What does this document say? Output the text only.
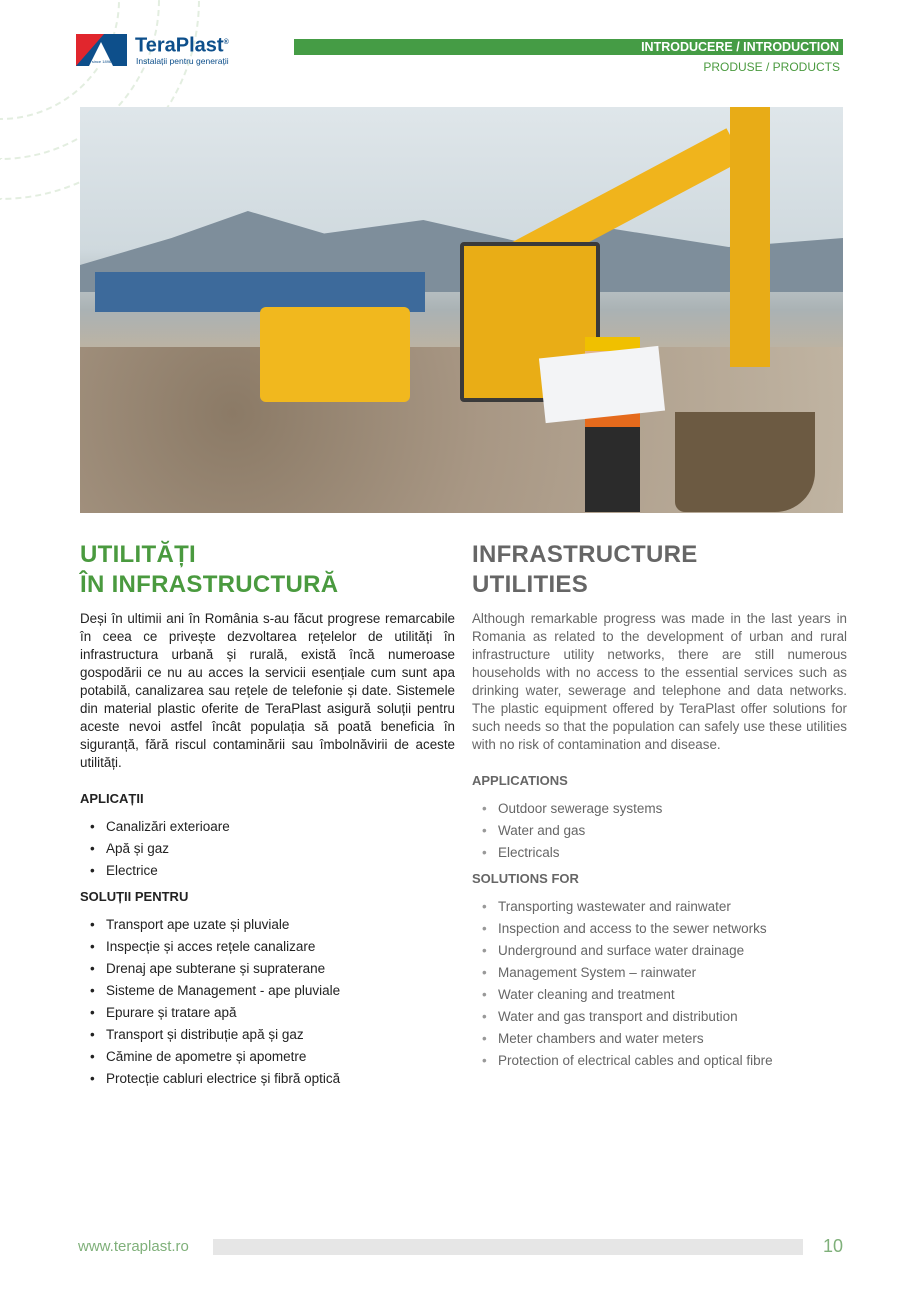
since 1896
TeraPlast®
Instalații pentru generații
INTRODUCERE / INTRODUCTION
PRODUSE / PRODUCTS
UTILITĂȚI
ÎN INFRASTRUCTURĂ

Deși în ultimii ani în România s-au făcut progrese remarcabile în ceea ce privește dezvoltarea rețelelor de utilități în infrastructura urbană și rurală, există încă numeroase gospodării ce nu au acces la servicii esențiale cum sunt apa potabilă, canalizarea sau rețele de telefonie și date. Sistemele din material plastic oferite de TeraPlast asigură soluții pentru aceste nevoi astfel încât populația să poată beneficia în siguranță, fără riscul contaminării sau îmbolnăvirii de aceste utilități.

APLICAȚII
• Canalizări exterioare
• Apă și gaz
• Electrice
SOLUȚII PENTRU
• Transport ape uzate și pluviale
• Inspecție și acces rețele canalizare
• Drenaj ape subterane și supraterane
• Sisteme de Management - ape pluviale
• Epurare și tratare apă
• Transport și distribuție apă și gaz
• Cămine de apometre și apometre
• Protecție cabluri electrice și fibră optică
INFRASTRUCTURE
UTILITIES

Although remarkable progress was made in the last years in Romania as related to the development of urban and rural infrastructure utility networks, there are still numerous households with no access to the essential services such as drinking water, sewerage and telephone and data networks. The plastic equipment offered by TeraPlast offer solutions for such needs so that the population can safely use these utilities with no risk of contamination and disease.

APPLICATIONS
• Outdoor sewerage systems
• Water and gas
• Electricals
SOLUTIONS FOR
• Transporting wastewater and rainwater
• Inspection and access to the sewer networks
• Underground and surface water drainage
• Management System – rainwater
• Water cleaning and treatment
• Water and gas transport and distribution
• Meter chambers and water meters
• Protection of electrical cables and optical fibre
www.teraplast.ro	10
